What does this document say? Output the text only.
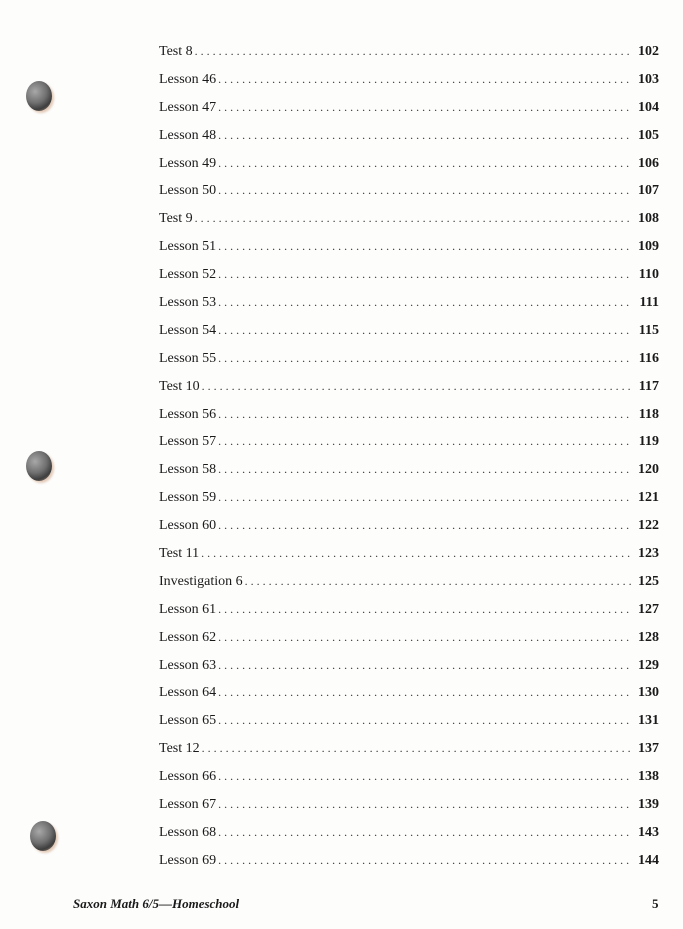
Test 8 . . .	102
Lesson 46 . . .	103
Lesson 47 . . .	104
Lesson 48 . . .	105
Lesson 49 . . .	106
Lesson 50 . . .	107
Test 9 . . .	108
Lesson 51 . . .	109
Lesson 52 . . .	110
Lesson 53 . . .	111
Lesson 54 . . .	115
Lesson 55 . . .	116
Test 10 . . .	117
Lesson 56 . . .	118
Lesson 57 . . .	119
Lesson 58 . . .	120
Lesson 59 . . .	121
Lesson 60 . . .	122
Test 11 . . .	123
Investigation 6 . . .	125
Lesson 61 . . .	127
Lesson 62 . . .	128
Lesson 63 . . .	129
Lesson 64 . . .	130
Lesson 65 . . .	131
Test 12 . . .	137
Lesson 66 . . .	138
Lesson 67 . . .	139
Lesson 68 . . .	143
Lesson 69 . . .	144
Saxon Math 6/5—Homeschool	5
